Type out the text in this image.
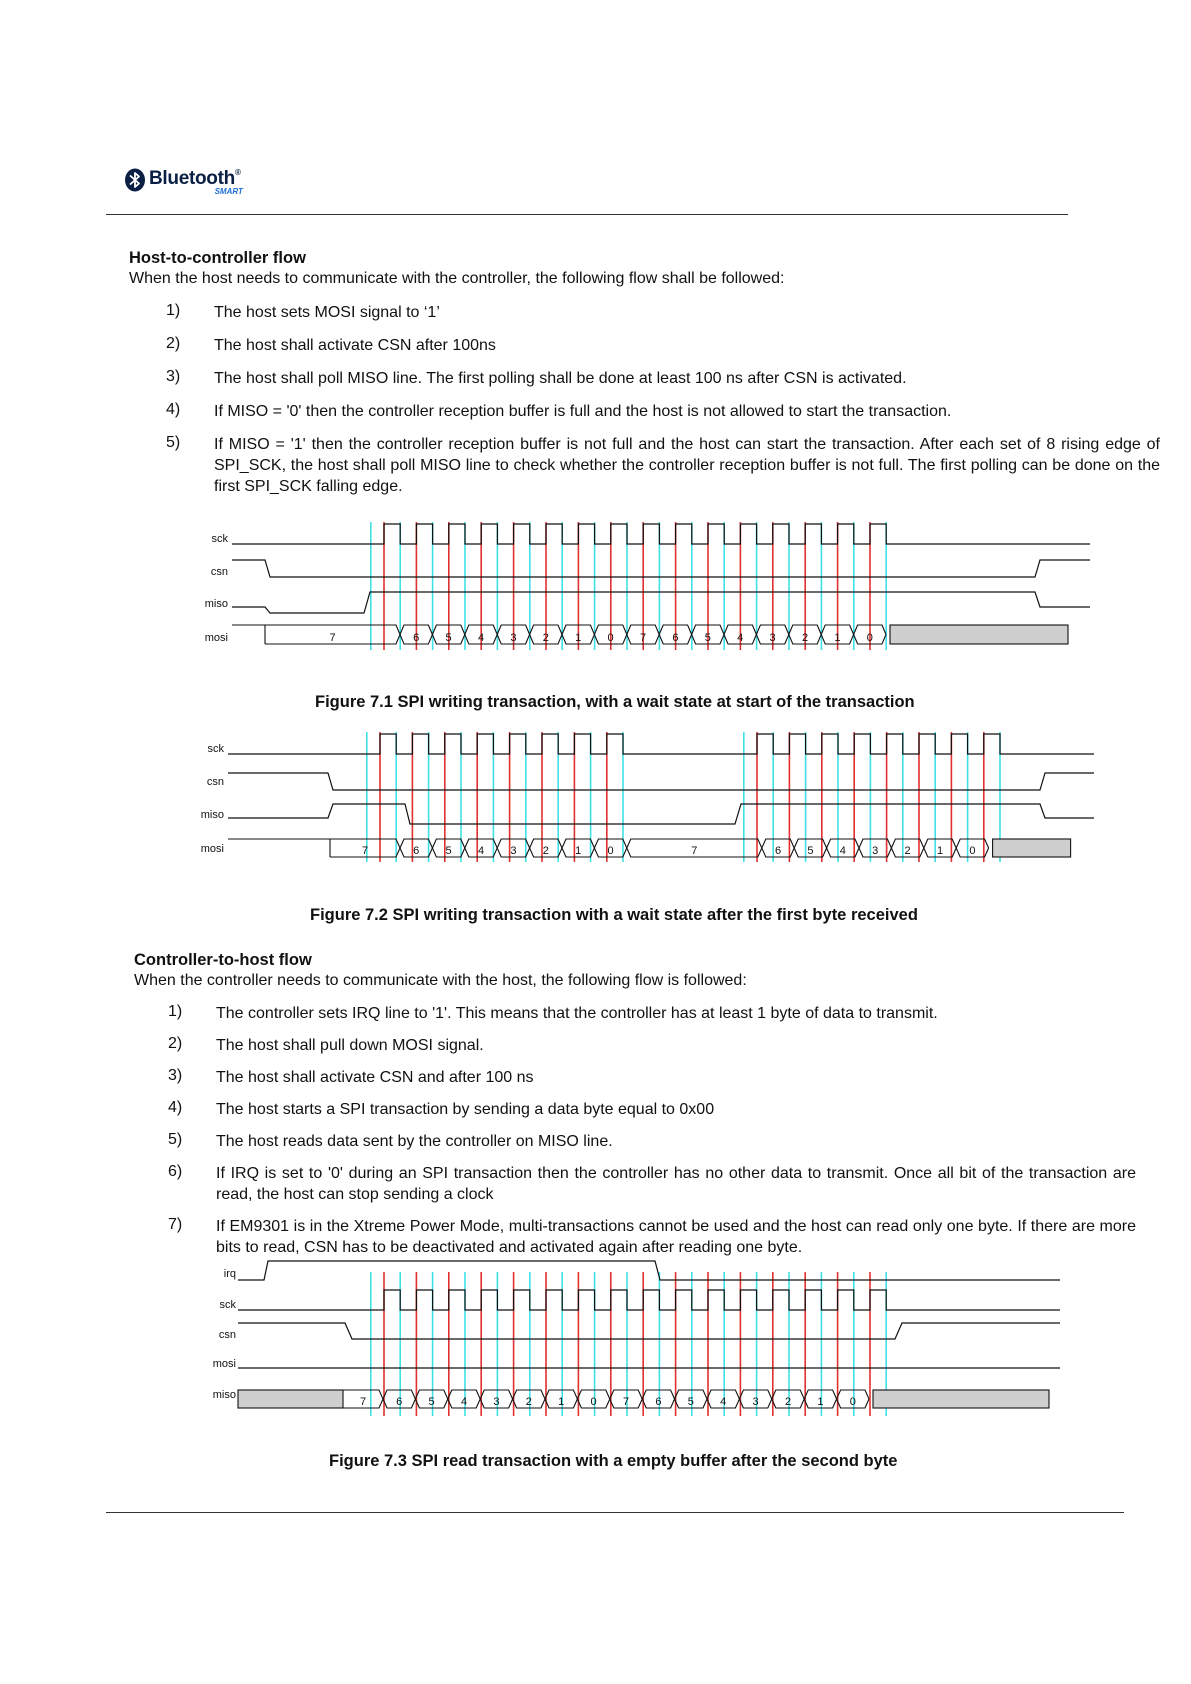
Bluetooth®
SMART
Host-to-controller flow
When the host needs to communicate with the controller, the following flow shall be followed:
1)	The host sets MOSI signal to ‘1’
2)	The host shall activate CSN after 100ns
3)	The host shall poll MISO line. The first polling shall be done at least 100 ns after CSN is activated.
4)	If MISO = '0' then the controller reception buffer is full and the host is not allowed to start the transaction.
5)	If MISO = '1' then the controller reception buffer is not full and the host can start the transaction. After each set of 8 rising edge of SPI_SCK, the host shall poll MISO line to check whether the controller reception buffer is not full. The first polling can be done on the first SPI_SCK falling edge.
sck
csn
miso
mosi	7	6 5 4 3 2 1 0 7 6 5 4 3 2 1 0
Figure 7.1 SPI writing transaction, with a wait state at start of the transaction
sck
csn
miso
mosi	7	6 5 4 3 2 1 0	7	6 5 4 3 2 1 0
Figure 7.2 SPI writing transaction with a wait state after the first byte received
Controller-to-host flow
When the controller needs to communicate with the host, the following flow is followed:
1)	The controller sets IRQ line to '1'. This means that the controller has at least 1 byte of data to transmit.
2)	The host shall pull down MOSI signal.
3)	The host shall activate CSN and after 100 ns
4)	The host starts a SPI transaction by sending a data byte equal to 0x00
5)	The host reads data sent by the controller on MISO line.
6)	If IRQ is set to '0' during an SPI transaction then the controller has no other data to transmit. Once all bit of the transaction are read, the host can stop sending a clock
7)	If EM9301 is in the Xtreme Power Mode, multi-transactions cannot be used and the host can read only one byte. If there are more bits to read, CSN has to be deactivated and activated again after reading one byte.
irq
sck
csn
mosi
miso
7	6 5 4 3 2 1 0 7 6 5 4 3 2 1 0
Figure 7.3 SPI read transaction with a empty buffer after the second byte
